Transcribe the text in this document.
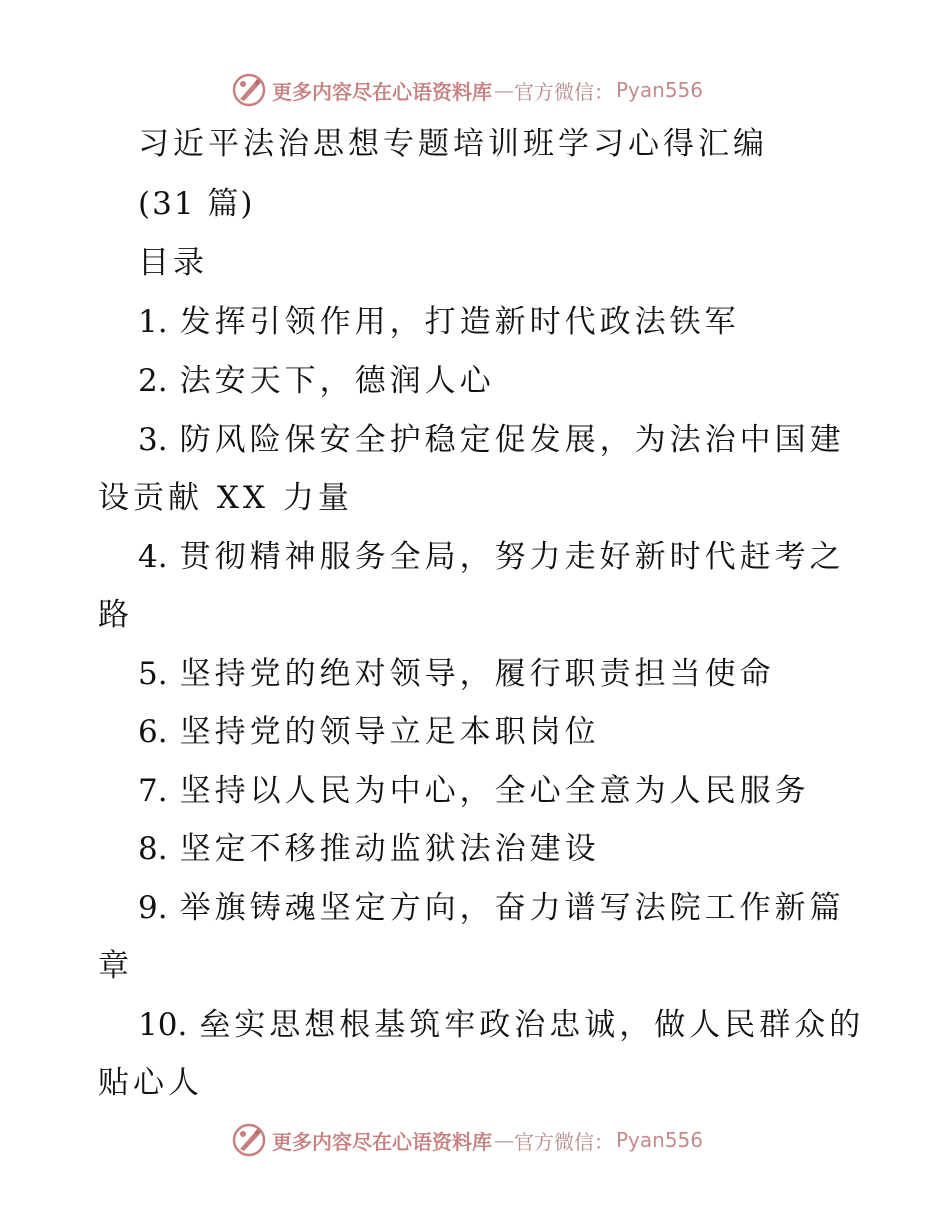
更多内容尽在心语资料库 — 官方微信： Pyan556
习近平法治思想专题培训班学习心得汇编
(31 篇)
目录
1. 发挥引领作用，打造新时代政法铁军
2. 法安天下，德润人心
3. 防风险保安全护稳定促发展，为法治中国建
设贡献 XX 力量
4. 贯彻精神服务全局，努力走好新时代赶考之
路
5. 坚持党的绝对领导，履行职责担当使命
6. 坚持党的领导立足本职岗位
7. 坚持以人民为中心，全心全意为人民服务
8. 坚定不移推动监狱法治建设
9. 举旗铸魂坚定方向，奋力谱写法院工作新篇
章
10. 垒实思想根基筑牢政治忠诚，做人民群众的
贴心人
更多内容尽在心语资料库 — 官方微信： Pyan556
